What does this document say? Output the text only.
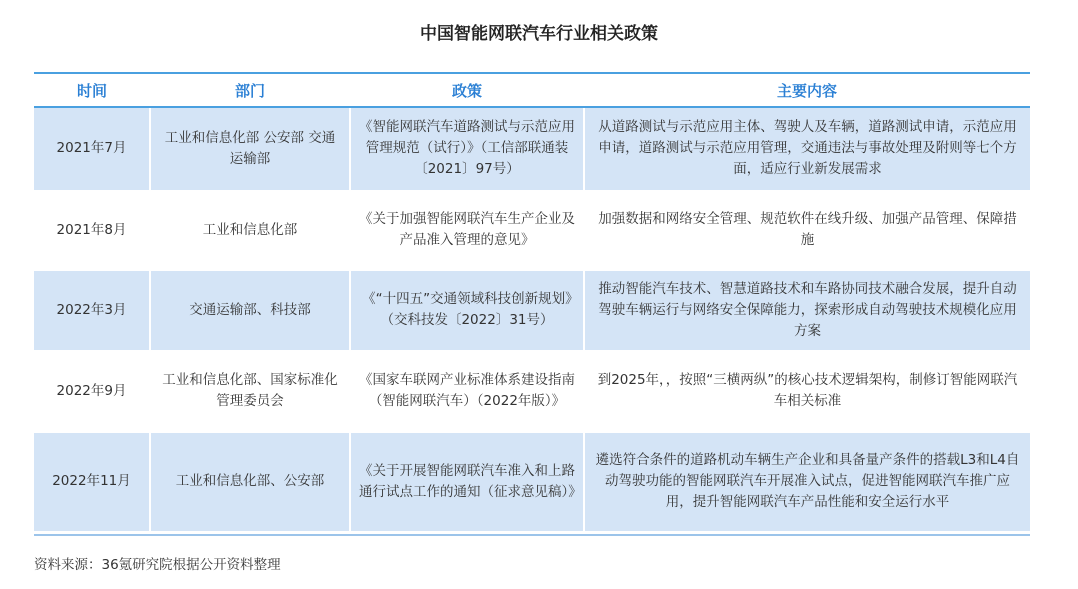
中国智能网联汽车行业相关政策
时间	部门	政策	主要内容
2021年7月	工业和信息化部 公安部 交通运输部	《智能网联汽车道路测试与示范应用管理规范（试行）》（工信部联通装〔2021〕97号）	从道路测试与示范应用主体、驾驶人及车辆，道路测试申请，示范应用申请，道路测试与示范应用管理，交通违法与事故处理及附则等七个方面，适应行业新发展需求
2021年8月	工业和信息化部	《关于加强智能网联汽车生产企业及产品准入管理的意见》	加强数据和网络安全管理、规范软件在线升级、加强产品管理、保障措施
2022年3月	交通运输部、科技部	《“十四五”交通领域科技创新规划》（交科技发〔2022〕31号）	推动智能汽车技术、智慧道路技术和车路协同技术融合发展，提升自动驾驶车辆运行与网络安全保障能力，探索形成自动驾驶技术规模化应用方案
2022年9月	工业和信息化部、国家标准化管理委员会	《国家车联网产业标准体系建设指南（智能网联汽车）（2022年版）》	到2025年，，按照“三横两纵”的核心技术逻辑架构，制修订智能网联汽车相关标准
2022年11月	工业和信息化部、公安部	《关于开展智能网联汽车准入和上路通行试点工作的通知（征求意见稿）》	遴选符合条件的道路机动车辆生产企业和具备量产条件的搭载L3和L4自动驾驶功能的智能网联汽车开展准入试点，促进智能网联汽车推广应用，提升智能网联汽车产品性能和安全运行水平
资料来源：36氪研究院根据公开资料整理
